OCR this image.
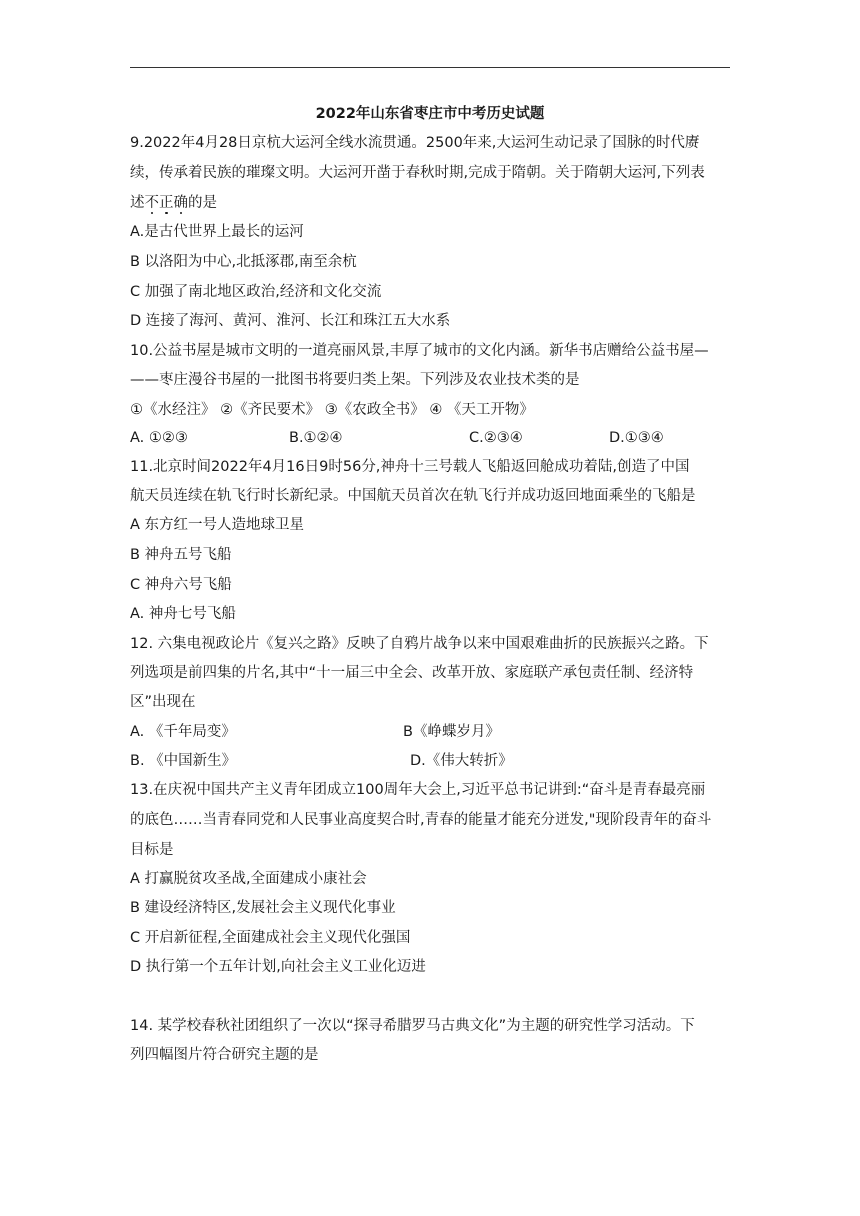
2022年山东省枣庄市中考历史试题
9.2022年4月28日京杭大运河全线水流贯通。2500年来,大运河生动记录了国脉的时代赓
续，传承着民族的璀璨文明。大运河开凿于春秋时期,完成于隋朝。关于隋朝大运河,下列表
述不正确的是
A.是古代世界上最长的运河
B 以洛阳为中心,北抵涿郡,南至余杭
C 加强了南北地区政治,经济和文化交流
D 连接了海河、黄河、淮河、长江和珠江五大水系
10.公益书屋是城市文明的一道亮丽风景,丰厚了城市的文化内涵。新华书店赠给公益书屋—
——枣庄漫谷书屋的一批图书将要归类上架。下列涉及农业技术类的是
①《水经注》 ②《齐民要术》 ③《农政全书》 ④ 《天工开物》
A. ①②③	B.①②④	C.②③④	D.①③④
11.北京时间2022年4月16日9时56分,神舟十三号载人飞船返回舱成功着陆,创造了中国
航天员连续在轨飞行时长新纪录。中国航天员首次在轨飞行并成功返回地面乘坐的飞船是
A 东方红一号人造地球卫星
B 神舟五号飞船
C 神舟六号飞船
A. 神舟七号飞船
12. 六集电视政论片《复兴之路》反映了自鸦片战争以来中国艰难曲折的民族振兴之路。下
列选项是前四集的片名,其中“十一届三中全会、改革开放、家庭联产承包责任制、经济特
区”出现在
A. 《千年局变》	B《峥蝶岁月》
B. 《中国新生》	D.《伟大转折》
13.在庆祝中国共产主义青年团成立100周年大会上,习近平总书记讲到:“奋斗是青春最亮丽
的底色……当青春同党和人民事业高度契合时,青春的能量才能充分迸发,"现阶段青年的奋斗
目标是
A 打赢脱贫攻圣战,全面建成小康社会
B 建设经济特区,发展社会主义现代化事业
C 开启新征程,全面建成社会主义现代化强国
D 执行第一个五年计划,向社会主义工业化迈进
14. 某学校春秋社团组织了一次以“探寻希腊罗马古典文化”为主题的研究性学习活动。下
列四幅图片符合研究主题的是
